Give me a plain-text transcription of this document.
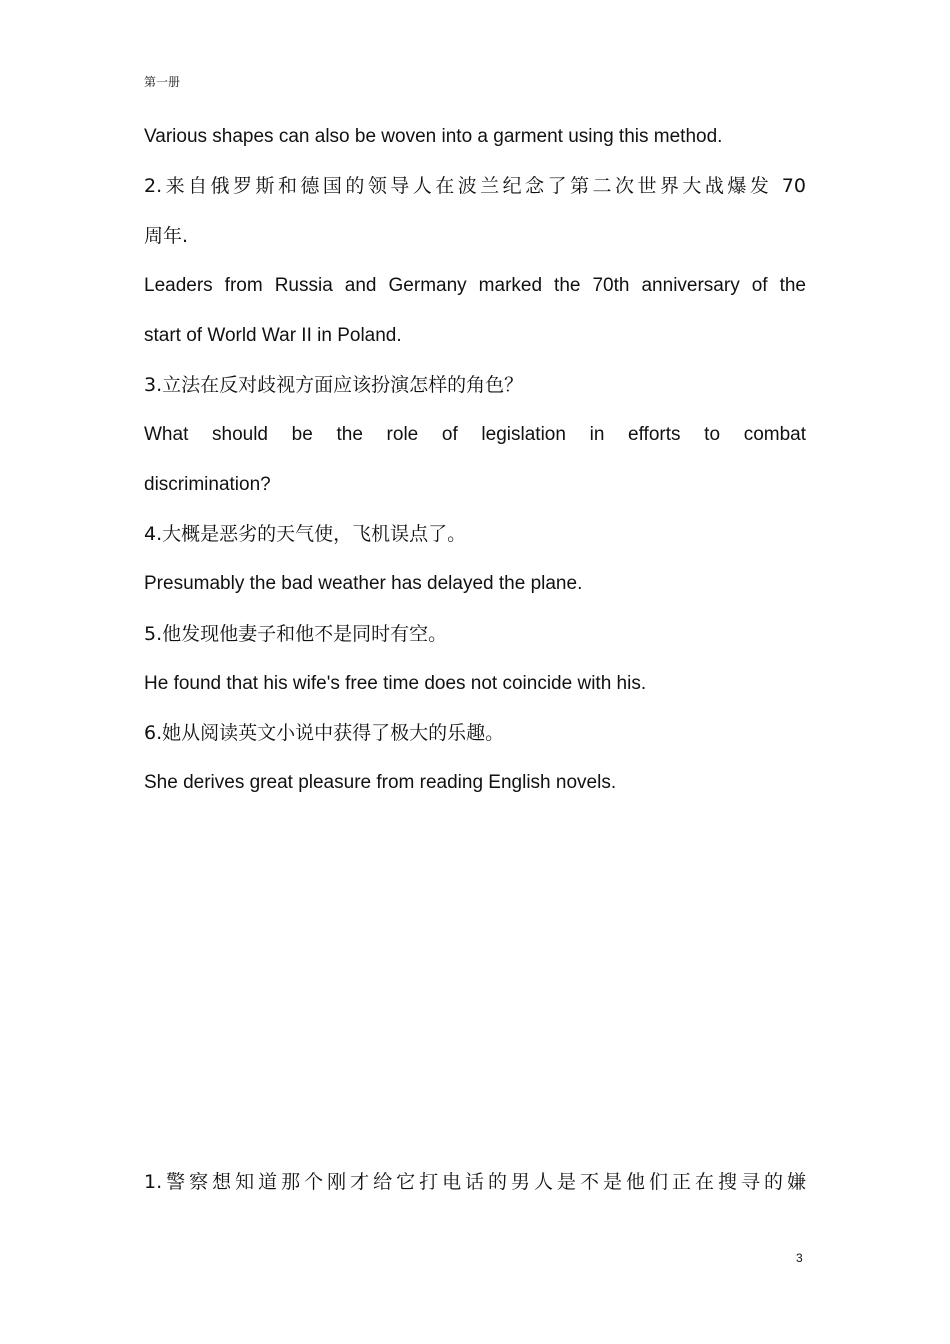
第一册
Various shapes can also be woven into a garment using this method.
2.来自俄罗斯和德国的领导人在波兰纪念了第二次世界大战爆发 70
周年.
Leaders from Russia and Germany marked the 70th anniversary of the
start of World War II in Poland.
3.立法在反对歧视方面应该扮演怎样的角色？
What should be the role of legislation in efforts to combat
discrimination?
4.大概是恶劣的天气使，飞机误点了。
Presumably the bad weather has delayed the plane.
5.他发现他妻子和他不是同时有空。
He found that his wife's free time does not coincide with his.
6.她从阅读英文小说中获得了极大的乐趣。
She derives great pleasure from reading English novels.
1.警察想知道那个刚才给它打电话的男人是不是他们正在搜寻的嫌
3
